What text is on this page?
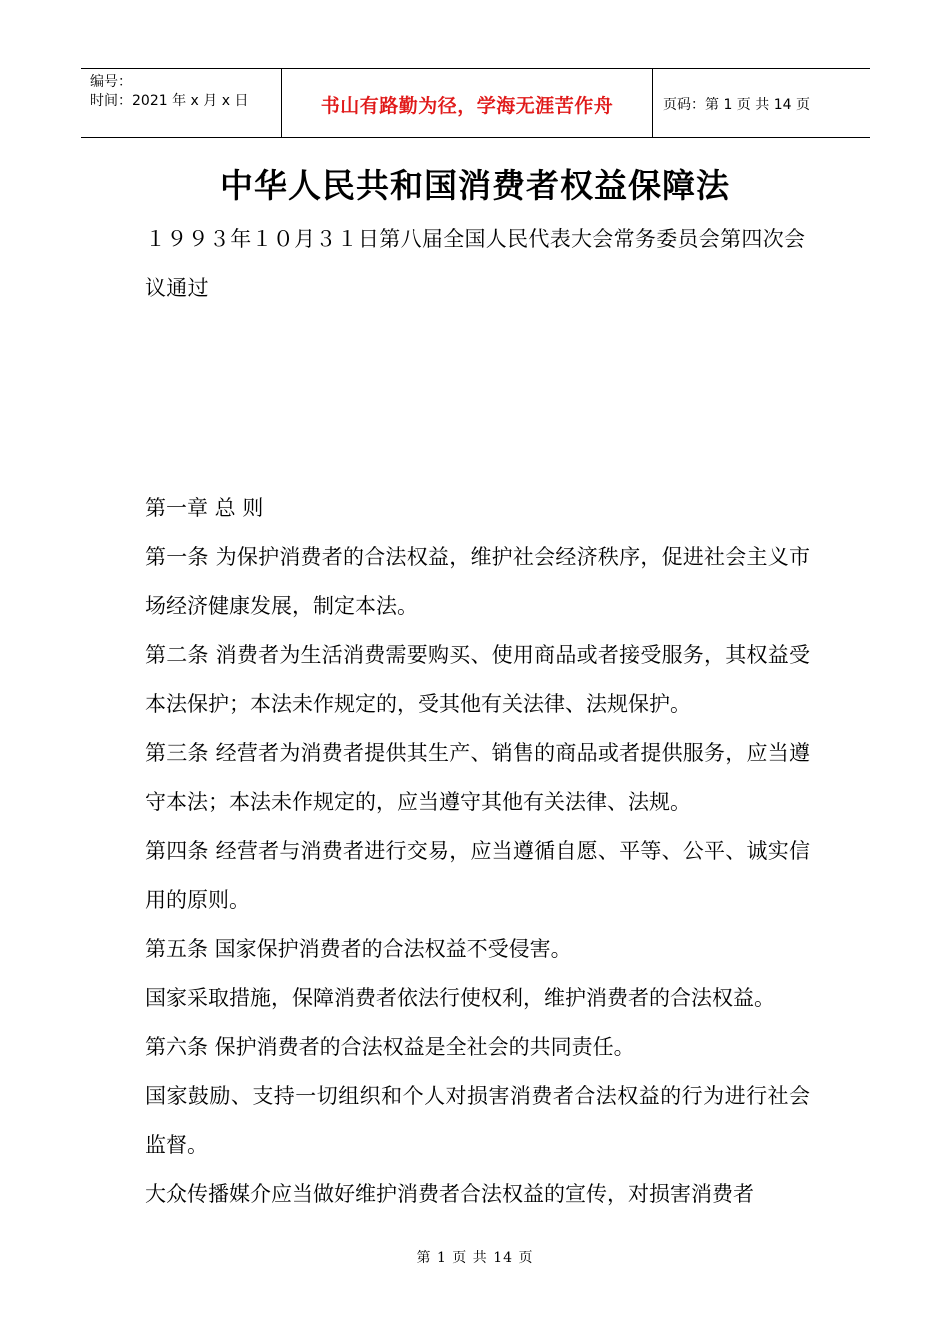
编号：
时间：2021 年 x 月 x 日	书山有路勤为径，学海无涯苦作舟	页码：第 1 页 共 14 页
中华人民共和国消费者权益保障法
１９９３年１０月３１日第八届全国人民代表大会常务委员会第四次会议通过

第一章 总 则

第一条 为保护消费者的合法权益，维护社会经济秩序，促进社会主义市场经济健康发展，制定本法。

第二条 消费者为生活消费需要购买、使用商品或者接受服务，其权益受本法保护；本法未作规定的，受其他有关法律、法规保护。

第三条 经营者为消费者提供其生产、销售的商品或者提供服务，应当遵守本法；本法未作规定的，应当遵守其他有关法律、法规。

第四条 经营者与消费者进行交易，应当遵循自愿、平等、公平、诚实信用的原则。

第五条 国家保护消费者的合法权益不受侵害。

国家采取措施，保障消费者依法行使权利，维护消费者的合法权益。

第六条 保护消费者的合法权益是全社会的共同责任。

国家鼓励、支持一切组织和个人对损害消费者合法权益的行为进行社会监督。

大众传播媒介应当做好维护消费者合法权益的宣传，对损害消费者

第 1 页 共 14 页
